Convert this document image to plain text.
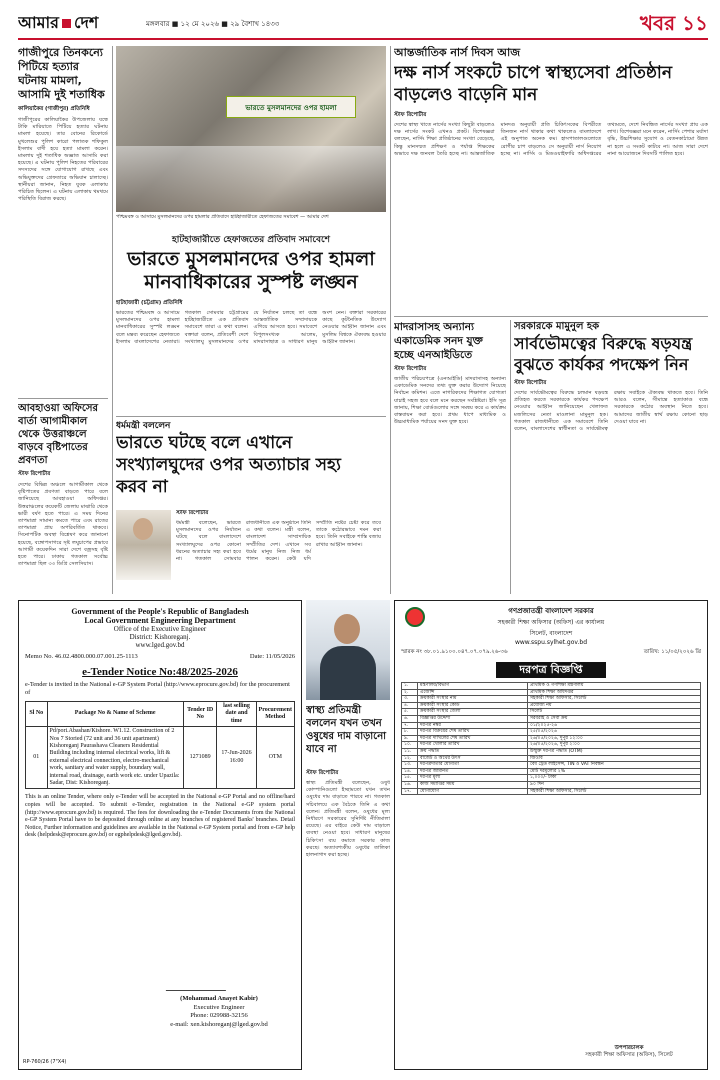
আমার দেশ	মঙ্গলবার ■ ১২ মে ২০২৬ ■ ২৯ বৈশাখ ১৪৩৩	খবর ১১
গাজীপুরে তিনকন্যে পিটিয়ে হত্যার ঘটনায় মামলা, আসামি দুই শতাধিক
কালিয়াকৈর (গাজীপুর) প্রতিনিধি
গাজীপুরের কালিয়াকৈর উপজেলায় যত্নে টাকি মারিয়াতে পিটিয়ে হত্যার ঘটনায় মামলা হয়েছে। তার বোনের রিকোর্ডে মুখলেশুর পুলিশ কারো পলাতক শফিকুল ইসলাম বাদী হয়ে হত্যা মামলা করেন। মামলায় দুই শতাধিক অজ্ঞাত আসামি করা হয়েছে। এ ঘটনায় পুলিশ নিহতের পরিবারের সদস্যদের সঙ্গে যোগাযোগ রাখছে এবং অভিযুক্তদের গ্রেফতারে অভিযান চালাচ্ছে। স্থানীয়রা জানান, নিহত যুবক এলাকায় পরিচিত ছিলেন। এ ঘটনায় এলাকায় থমথমে পরিস্থিতি বিরাজ করছে।
আবহাওয়া অফিসের বার্তা আগামীকাল থেকে উত্তরাঞ্চলে বাড়বে বৃষ্টিপাতের প্রবণতা
স্টাফ রিপোর্টার
দেশের বিভিন্ন অঞ্চলে আগামীকাল থেকে বৃষ্টিপাতের প্রবণতা বাড়তে পারে বলে জানিয়েছে আবহাওয়া অধিদপ্তর। উত্তরাঞ্চলের কয়েকটি জেলায় মাঝারি থেকে ভারী বর্ষণ হতে পারে। এ সময় দিনের তাপমাত্রা সামান্য কমতে পারে এবং রাতের তাপমাত্রা প্রায় অপরিবর্তিত থাকবে। সিনোপটিক অবস্থা বিশ্লেষণ করে জানানো হয়েছে, বঙ্গোপসাগরে সৃষ্ট লঘুচাপের প্রভাবে আগামী কয়েকদিন সারা দেশে বজ্রসহ বৃষ্টি হতে পারে। ঢাকায় গতকাল সর্বোচ্চ তাপমাত্রা ছিল ৩৩ ডিগ্রি সেলসিয়াস।
ভারতে মুসলমানদের ওপর হামলা
পশ্চিমবঙ্গ ও আসামে মুসলমানদের ওপর হামলার প্রতিবাদে হাটহাজারীতে হেফাজতের সমাবেশ — আমার দেশ
হাটহাজারীতে হেফাজতের প্রতিবাদ সমাবেশে
ভারতে মুসলমানদের ওপর হামলা মানবাধিকারের সুস্পষ্ট লঙ্ঘন
হাটহাজারী (চট্টগ্রাম) প্রতিনিধি
ভারতের পশ্চিমবঙ্গ ও আসামে মুসলমানদের ওপর হামলা মানবাধিকারের সুস্পষ্ট লঙ্ঘন বলে মন্তব্য করেছেন হেফাজতে ইসলাম বাংলাদেশের নেতারা। গতকাল সোমবার চট্টগ্রামের হাটহাজারীতে এক প্রতিবাদ সমাবেশে তারা এ কথা বলেন। বক্তারা বলেন, প্রতিবেশী দেশে সংখ্যালঘু মুসলমানদের ওপর যে নির্যাতন চলছে তা বন্ধে আন্তর্জাতিক সম্প্রদায়কে এগিয়ে আসতে হবে। সমাবেশে বিপুলসংখ্যক আলেম, মাদরাসাছাত্র ও সাধারণ মানুষ অংশ নেন। বক্তারা সরকারের কাছে কূটনৈতিক উদ্যোগ নেওয়ার আহ্বান জানান এবং মুসলিম বিশ্বকে ঐক্যবদ্ধ হওয়ার আহ্বান জানান।
ধর্মমন্ত্রী বললেন
ভারতে ঘটছে বলে এখানে সংখ্যালঘুদের ওপর অত্যাচার সহ্য করব না
স্টাফ রিপোর্টার
ধর্মমন্ত্রী বলেছেন, ভারতে মুসলমানদের ওপর নির্যাতন ঘটছে বলে বাংলাদেশে সংখ্যালঘুদের ওপর কোনো ধরনের অত্যাচার সহ্য করা হবে না। গতকাল সোমবার রাজধানীতে এক অনুষ্ঠানে তিনি এ কথা বলেন। মন্ত্রী বলেন, বাংলাদেশ সাম্প্রদায়িক সম্প্রীতির দেশ। এখানে সব ধর্মের মানুষ নিজ নিজ ধর্ম পালন করেন। কেউ যদি সম্প্রীতি নষ্টের চেষ্টা করে তবে তাকে কঠোরভাবে দমন করা হবে। তিনি সবাইকে শান্তি বজায় রাখার আহ্বান জানান।
আন্তর্জাতিক নার্স দিবস আজ
দক্ষ নার্স সংকটে চাপে স্বাস্থ্যসেবা প্রতিষ্ঠান বাড়লেও বাড়েনি মান
স্টাফ রিপোর্টার
দেশের স্বাস্থ্য খাতে নার্সের সংখ্যা কিছুটা বাড়লেও দক্ষ নার্সের সংকট এখনও প্রকট। বিশেষজ্ঞরা বলছেন, নার্সিং শিক্ষা প্রতিষ্ঠানের সংখ্যা বেড়েছে, কিন্তু মানসম্মত প্রশিক্ষণ ও পর্যাপ্ত শিক্ষকের অভাবে দক্ষ জনবল তৈরি হচ্ছে না। আন্তর্জাতিক মানদণ্ড অনুযায়ী প্রতি চিকিৎসকের বিপরীতে তিনজন নার্স থাকার কথা থাকলেও বাংলাদেশে এই অনুপাত অনেক কম। হাসপাতালগুলোতে রোগীর চাপ বাড়লেও সে অনুযায়ী নার্স নিয়োগ হচ্ছে না। নার্সিং ও মিডওয়াইফারি অধিদপ্তরের তথ্যমতে, দেশে নিবন্ধিত নার্সের সংখ্যা প্রায় এক লাখ। বিশেষজ্ঞরা মনে করেন, নার্সিং পেশার মর্যাদা বৃদ্ধি, উচ্চশিক্ষার সুযোগ ও বেতনকাঠামো উন্নত না হলে এ সংকট কাটবে না। আজ সারা দেশে নানা আয়োজনে দিবসটি পালিত হবে।
মাদরাসাসহ অন্যান্য একাডেমিক সনদ যুক্ত হচ্ছে এনআইডিতে
স্টাফ রিপোর্টার
জাতীয় পরিচয়পত্রে (এনআইডি) মাদরাসাসহ অন্যান্য একাডেমিক সনদের তথ্য যুক্ত করার উদ্যোগ নিয়েছে নির্বাচন কমিশন। এতে নাগরিকদের শিক্ষাগত যোগ্যতা যাচাই সহজ হবে বলে মনে করছেন সংশ্লিষ্টরা। ইসি সূত্র জানায়, শিক্ষা বোর্ডগুলোর সঙ্গে সমন্বয় করে এ কার্যক্রম বাস্তবায়ন করা হবে। প্রথম ধাপে মাধ্যমিক ও উচ্চমাধ্যমিক পর্যায়ের সনদ যুক্ত হবে।
সরকারকে মামুনুল হক
সার্বভৌমত্বের বিরুদ্ধে ষড়যন্ত্র বুঝতে কার্যকর পদক্ষেপ নিন
স্টাফ রিপোর্টার
দেশের সার্বভৌমত্বের বিরুদ্ধে চলমান ষড়যন্ত্র প্রতিহত করতে সরকারকে কার্যকর পদক্ষেপ নেওয়ার আহ্বান জানিয়েছেন খেলাফত মজলিসের নেতা মাওলানা মামুনুল হক। গতকাল রাজধানীতে এক সমাবেশে তিনি বলেন, বাংলাদেশের স্বাধীনতা ও সার্বভৌমত্ব রক্ষায় সবাইকে ঐক্যবদ্ধ থাকতে হবে। তিনি আরও বলেন, সীমান্তে হত্যাকাণ্ড বন্ধে সরকারকে কঠোর অবস্থান নিতে হবে। আমাদের জাতীয় স্বার্থ রক্ষায় কোনো ছাড় দেওয়া যাবে না।
Government of the People's Republic of Bangladesh
Local Government Engineering Department
Office of the Executive Engineer
District: Kishoreganj.
www.lged.gov.bd
Memo No. 46.02.4800.000.07.001.25-1113	Date: 11/05/2026
e-Tender Notice No:48/2025-2026
e-Tender is invited in the National e-GP System Portal (http://www.eprocure.gov.bd) for the procurement of
Sl No	Package No & Name of Scheme	Tender ID No	last selling date and time	Procurement Method
01	Pd/pori.Abashan/Kishore. W1.12. Construction of 2 Nos 7 Storied (72 unit and 36 unit apartment) Kishoreganj Paurashava Cleaners Residential Building including internal electrical works, lift & external electrical connection, electro-mechanical work, sanitary and water supply, boundary wall, internal road, drainage, earth work etc. under Upazila: Sadar, Dist: Kishoreganj.	1271089	17-Jun-2026 16:00	OTM
This is an online Tender, where only e-Tender will be accepted in the National e-GP Portal and no offline/hard copies will be accepted. To submit e-Tender, registration in the National e-GP system portal (http://www.eprocure.gov.bd) is required. The fees for downloading the e-Tender Documents from the National e-GP System Portal have to be deposited through online at any branches of registered Banks' branches. Detail Notice, Further information and guidelines are available in the National e-GP System portal and from e-GP help desk (helpdesk@eprocure.gov.bd) or egphelpdesk@lged.gov.bd).
(Mohammad Anayet Kabir)
Executive Engineer
Phone: 029988-32156
e-mail: xen.kishoreganj@lged.gov.bd
RP-760/26 (7"X4)
স্বাস্থ্য প্রতিমন্ত্রী বললেন যখন তখন ওষুধের দাম বাড়ানো যাবে না
স্টাফ রিপোর্টার
স্বাস্থ্য প্রতিমন্ত্রী বলেছেন, ওষুধ কোম্পানিগুলো ইচ্ছামতো যখন তখন ওষুধের দাম বাড়াতে পারবে না। গতকাল সচিবালয়ে এক বৈঠকে তিনি এ কথা বলেন। প্রতিমন্ত্রী বলেন, ওষুধের মূল্য নির্ধারণে সরকারের সুনির্দিষ্ট নীতিমালা রয়েছে। এর বাইরে কেউ দাম বাড়ালে ব্যবস্থা নেওয়া হবে। সাধারণ মানুষের চিকিৎসা ব্যয় কমাতে সরকার কাজ করছে। অত্যাবশ্যকীয় ওষুধের তালিকা হালনাগাদ করা হচ্ছে।
গণপ্রজাতন্ত্রী বাংলাদেশ সরকার
সহকারী শিক্ষা অফিসার (অফিস) এর কার্যালয়
সিলেট, বাংলাদেশ
www.sspu.sylhet.gov.bd
স্মারক নং ৩৮.০১.৯১০০.০৪৭.০৭.০৭৯.২৬-৩৬	তারিখ: ১১/০৫/২০২৬ খ্রি
দরপত্র বিজ্ঞপ্তি
১.	মন্ত্রণালয়/বিভাগ	প্রাথমিক ও গণশিক্ষা মন্ত্রণালয়
২.	এজেন্সি	প্রাথমিক শিক্ষা অধিদপ্তর
৩.	ক্রয়কারী সংস্থার নাম	সহকারী শিক্ষা অফিসার, সিলেট
৪.	ক্রয়কারী সংস্থার কোড	প্রযোজ্য নয়
৫.	ক্রয়কারী সংস্থার জেলা	সিলেট
৬.	বিজ্ঞপ্তির উদ্দেশ্য	সরবরাহ ও সেবা ক্রয়
৭.	দরপত্র নম্বর	০১/২০২৫-২৬
৮.	দরপত্র বিক্রয়ের শেষ তারিখ	২৫/০৫/২০২৬
৯.	দরপত্র দাখিলের শেষ তারিখ	২৬/০৫/২০২৬, দুপুর ১২:০০
১০.	দরপত্র খোলার তারিখ	২৬/০৫/২০২৬, দুপুর ২:০০
১১.	ক্রয় পদ্ধতি	উন্মুক্ত দরপত্র পদ্ধতি (OTM)
১২.	বাজেট ও অর্থের উৎস	জিওবি
১৩.	দরপত্রদাতার যোগ্যতা	বৈধ ট্রেড লাইসেন্স, TIN ও VAT নিবন্ধন
১৪.	দরপত্র জামানত	মোট দরমূল্যের ২%
১৫.	দরপত্র মূল্য	১,০০০/- টাকা
১৬.	কাজ সমাপ্তির সময়	৯০ দিন
১৭.	যোগাযোগ	সহকারী শিক্ষা অফিসার, সিলেট
উপপরিচালক
সহকারী শিক্ষা অফিসার (অফিস), সিলেট
